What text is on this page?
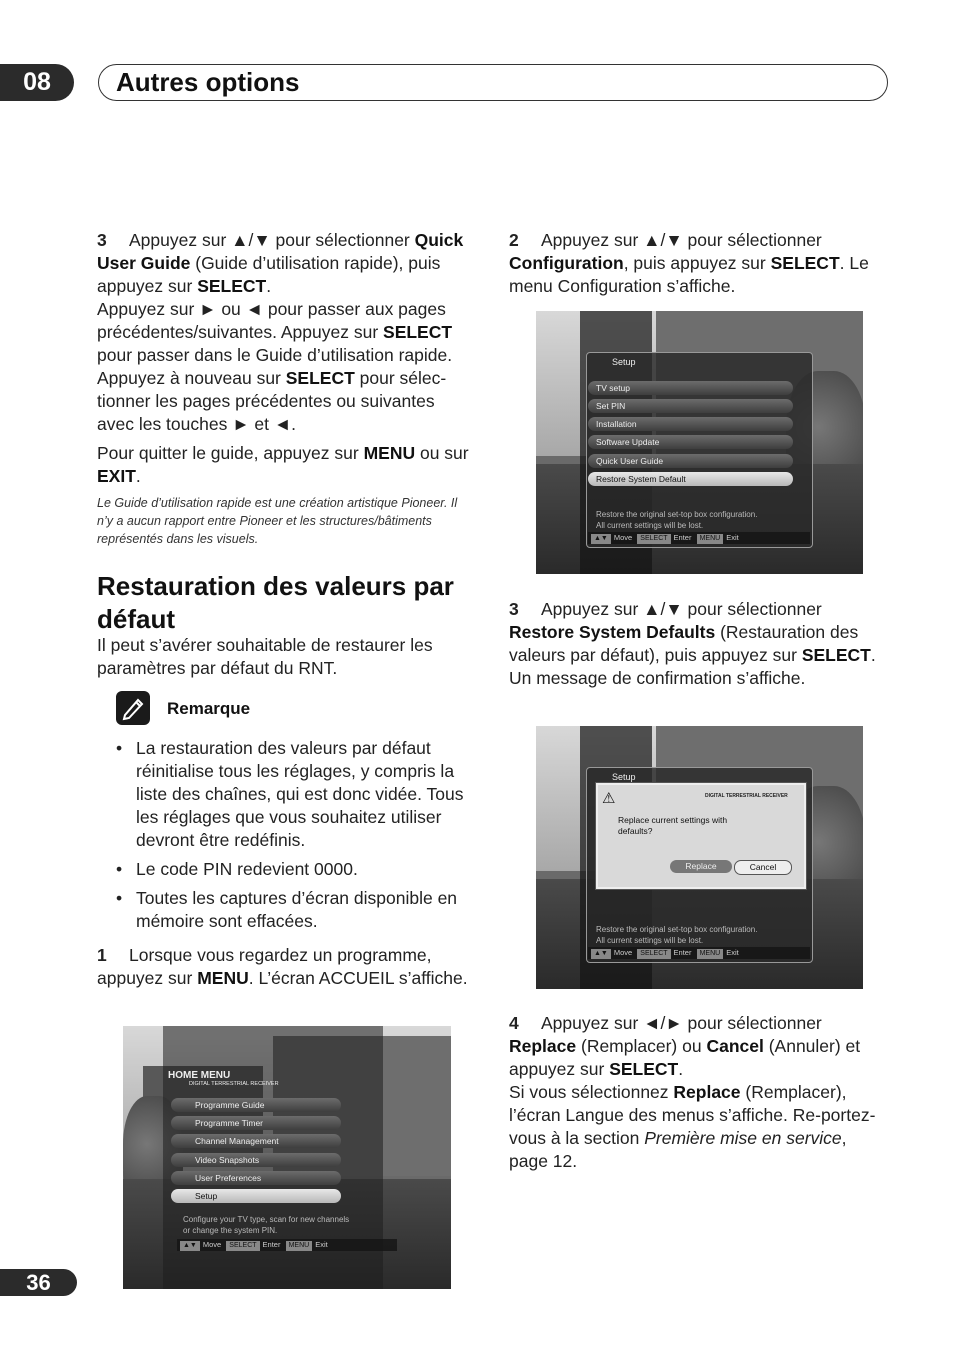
08	Autres options

3 Appuyez sur ▲/▼ pour sélectionner Quick User Guide (Guide d’utilisation rapide), puis appuyez sur SELECT.

Appuyez sur ► ou ◄ pour passer aux pages précédentes/suivantes. Appuyez sur SELECT pour passer dans le Guide d’utilisation rapide. Appuyez à nouveau sur SELECT pour sélec-tionner les pages précédentes ou suivantes avec les touches ► et ◄.

Pour quitter le guide, appuyez sur MENU ou sur EXIT.

Le Guide d’utilisation rapide est une création artistique Pioneer. Il n’y a aucun rapport entre Pioneer et les structures/bâtiments représentés dans les visuels.

Restauration des valeurs par défaut
Il peut s’avérer souhaitable de restaurer les paramètres par défaut du RNT.
Remarque
• La restauration des valeurs par défaut réinitialise tous les réglages, y compris la liste des chaînes, qui est donc vidée. Tous les réglages que vous souhaitez utiliser devront être redéfinis.
• Le code PIN redevient 0000.
• Toutes les captures d’écran disponible en mémoire sont effacées.
1 Lorsque vous regardez un programme, appuyez sur MENU. L’écran ACCUEIL s’affiche.
HOME MENU
DIGITAL TERRESTRIAL RECEIVER
Programme Guide
Programme Timer
Channel Management
Video Snapshots
User Preferences
Setup
Configure your TV type, scan for new channels
or change the system PIN.
▲▼ Move SELECT Enter MENU Exit
2 Appuyez sur ▲/▼ pour sélectionner Configuration, puis appuyez sur SELECT. Le menu Configuration s’affiche.
Setup
TV setup
Set PIN
Installation
Software Update
Quick User Guide
Restore System Default
Restore the original set-top box configuration.
All current settings will be lost.
▲▼ Move SELECT Enter MENU Exit
3 Appuyez sur ▲/▼ pour sélectionner Restore System Defaults (Restauration des valeurs par défaut), puis appuyez sur SELECT. Un message de confirmation s’affiche.
Setup
⚠	DIGITAL TERRESTRIAL RECEIVER
Replace current settings with defaults?
Replace	Cancel
Restore the original set-top box configuration.
All current settings will be lost.
▲▼ Move SELECT Enter MENU Exit

4 Appuyez sur ◄/► pour sélectionner Replace (Remplacer) ou Cancel (Annuler) et appuyez sur SELECT.

Si vous sélectionnez Replace (Remplacer), l’écran Langue des menus s’affiche. Re-portez-vous à la section Première mise en service, page 12.

36
